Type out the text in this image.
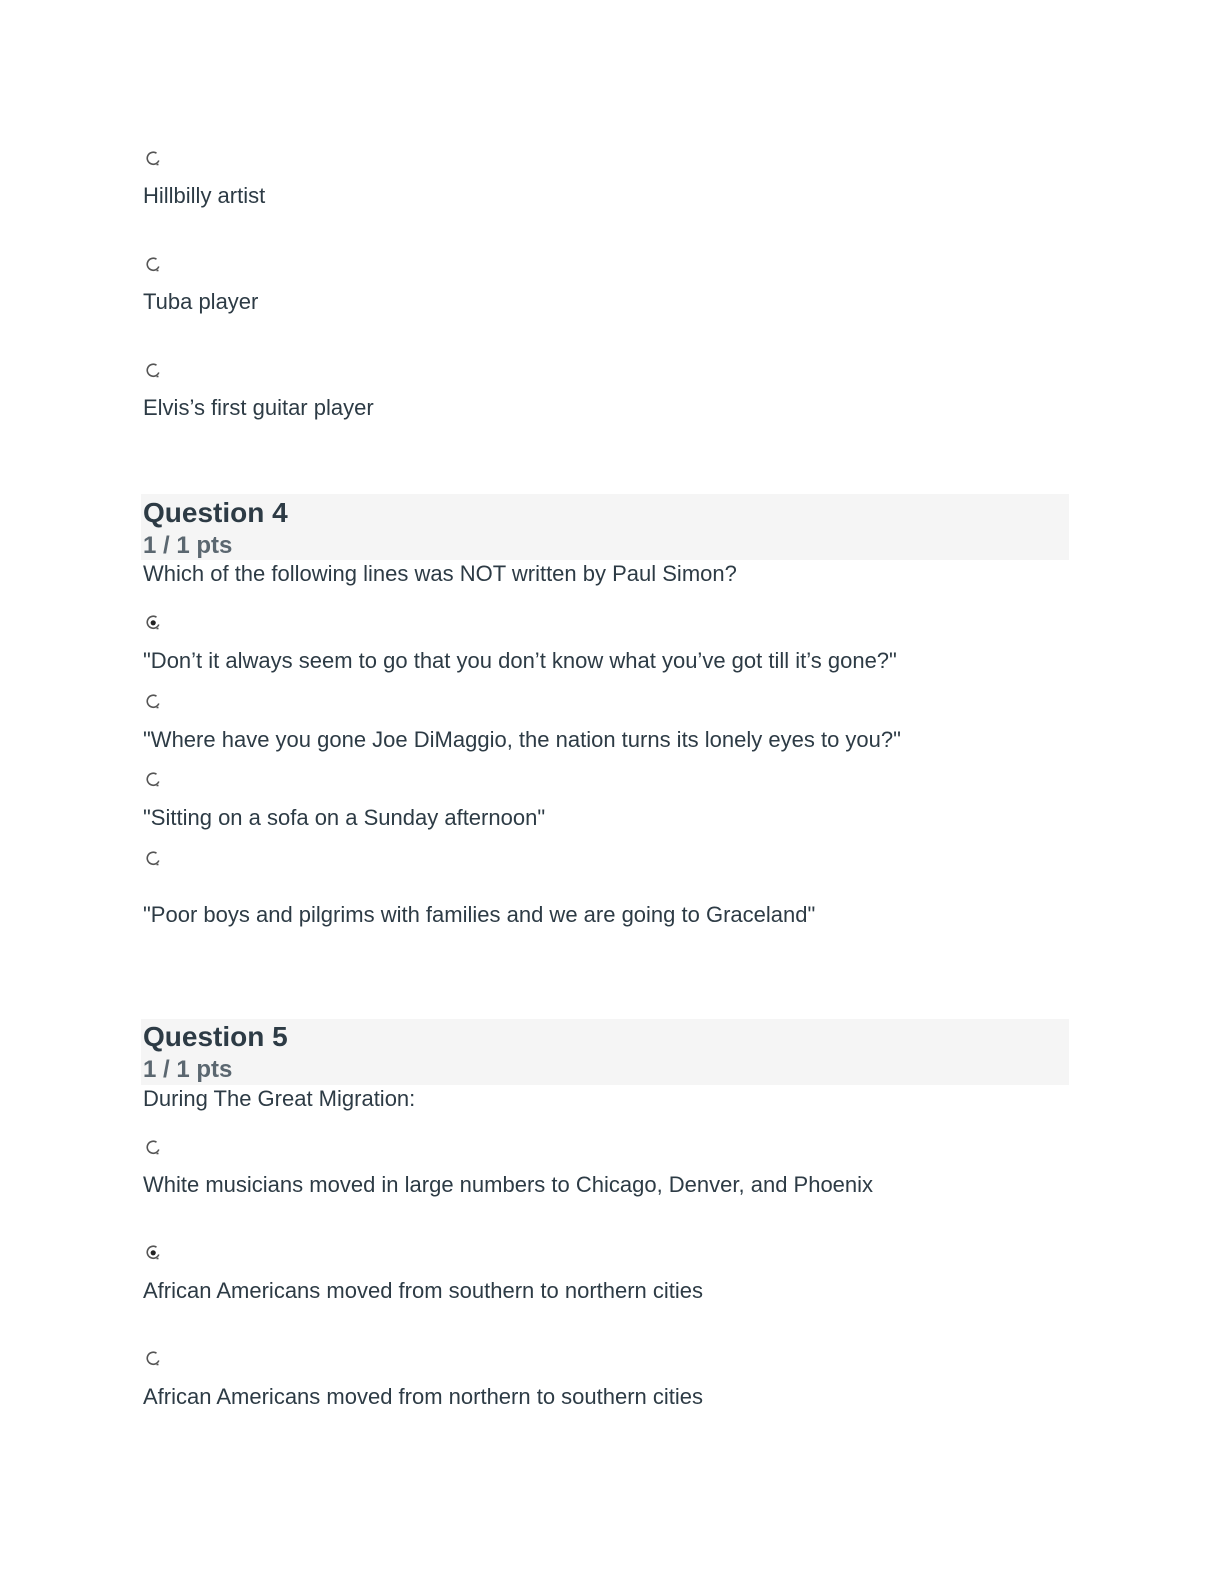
Hillbilly artist
Tuba player
Elvis’s first guitar player
Question 4
1 / 1 pts
Which of the following lines was NOT written by Paul Simon?
"Don’t it always seem to go that you don’t know what you’ve got till it’s gone?"
"Where have you gone Joe DiMaggio, the nation turns its lonely eyes to you?"
"Sitting on a sofa on a Sunday afternoon"
"Poor boys and pilgrims with families and we are going to Graceland"
Question 5
1 / 1 pts
During The Great Migration:
White musicians moved in large numbers to Chicago, Denver, and Phoenix
African Americans moved from southern to northern cities
African Americans moved from northern to southern cities
